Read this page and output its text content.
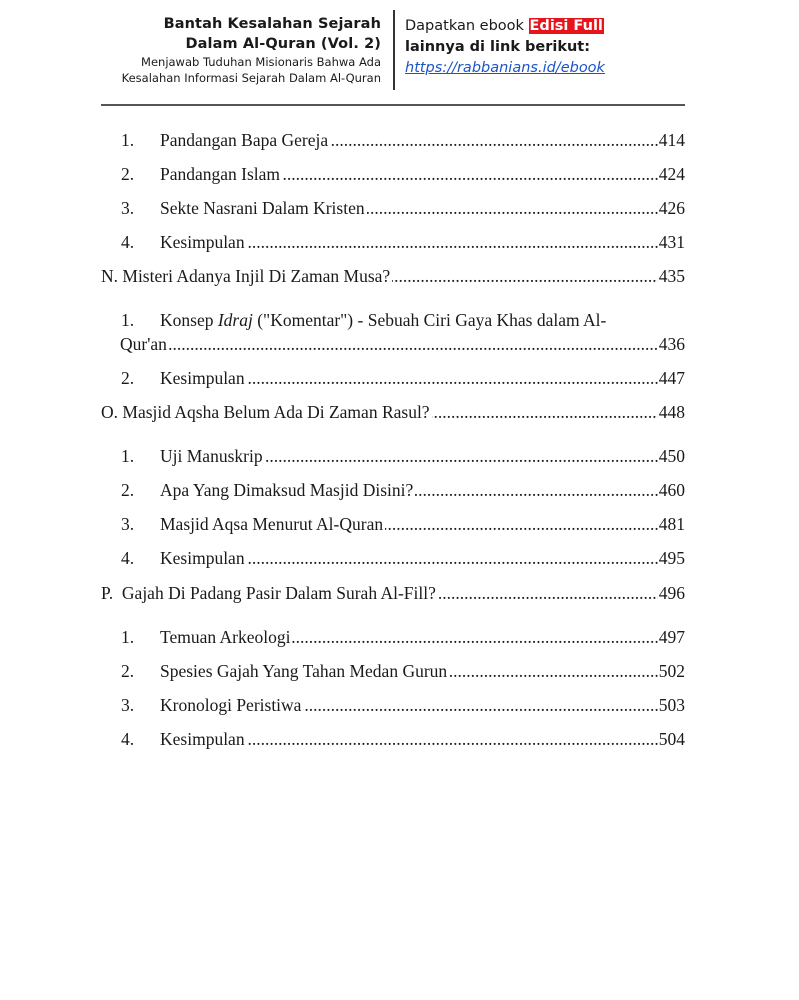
Bantah Kesalahan Sejarah
Dalam Al-Quran (Vol. 2)
Menjawab Tuduhan Misionaris Bahwa Ada
Kesalahan Informasi Sejarah Dalam Al-Quran
Dapatkan ebook Edisi Full
lainnya di link berikut:
https://rabbanians.id/ebook
1. ..... Pandangan Bapa Gereja	414
2. ..... Pandangan Islam	424
3. ..... Sekte Nasrani Dalam Kristen	426
4. ..... Kesimpulan	431
.....
N. Misteri Adanya Injil Di Zaman Musa?	435
1. Konsep Idraj ("Komentar") - Sebuah Ciri Gaya Khas dalam Al-
.....
Qur'an	436
2. ..... Kesimpulan	447
.....
O. Masjid Aqsha Belum Ada Di Zaman Rasul?	448
1. ..... Uji Manuskrip	450
2. ..... Apa Yang Dimaksud Masjid Disini?	460
3. ..... Masjid Aqsa Menurut Al-Quran	481
4. ..... Kesimpulan	495
.....
P.  Gajah Di Padang Pasir Dalam Surah Al-Fill?	496
1. ..... Temuan Arkeologi	497
2. ..... Spesies Gajah Yang Tahan Medan Gurun	502
3. ..... Kronologi Peristiwa	503
4. ..... Kesimpulan	504
